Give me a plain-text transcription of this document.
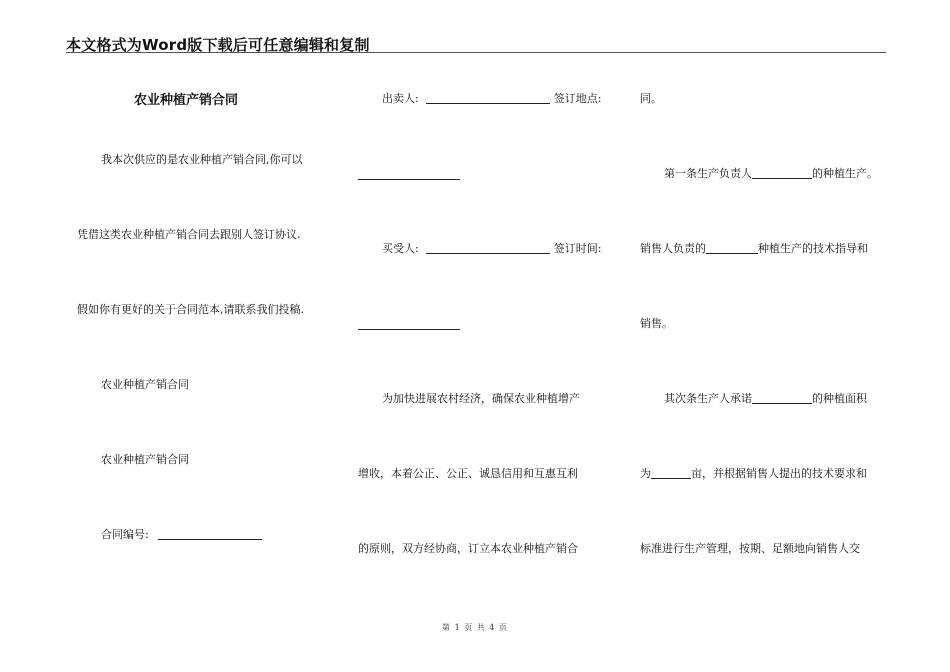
本文格式为Word版下载后可任意编辑和复制
农业种植产销合同
我本次供应的是农业种植产销合同,你可以
凭借这类农业种植产销合同去跟别人签订协议.
假如你有更好的关于合同范本,请联系我们投稿.
农业种植产销合同
农业种植产销合同
合同编号:
出卖人:	签订地点:
买受人:	签订时间:
为加快进展农村经济，确保农业种植增产
增收，本着公正、公正、诚恳信用和互惠互利
的原则，双方经协商，订立本农业种植产销合
同。
第一条生产负责人	的种植生产。
销售人负责的	种植生产的技术指导和
销售。
其次条生产人承诺	的种植面积
为	亩，并根据销售人提出的技术要求和
标准进行生产管理，按期、足额地向销售人交
第 1 页 共 4 页
